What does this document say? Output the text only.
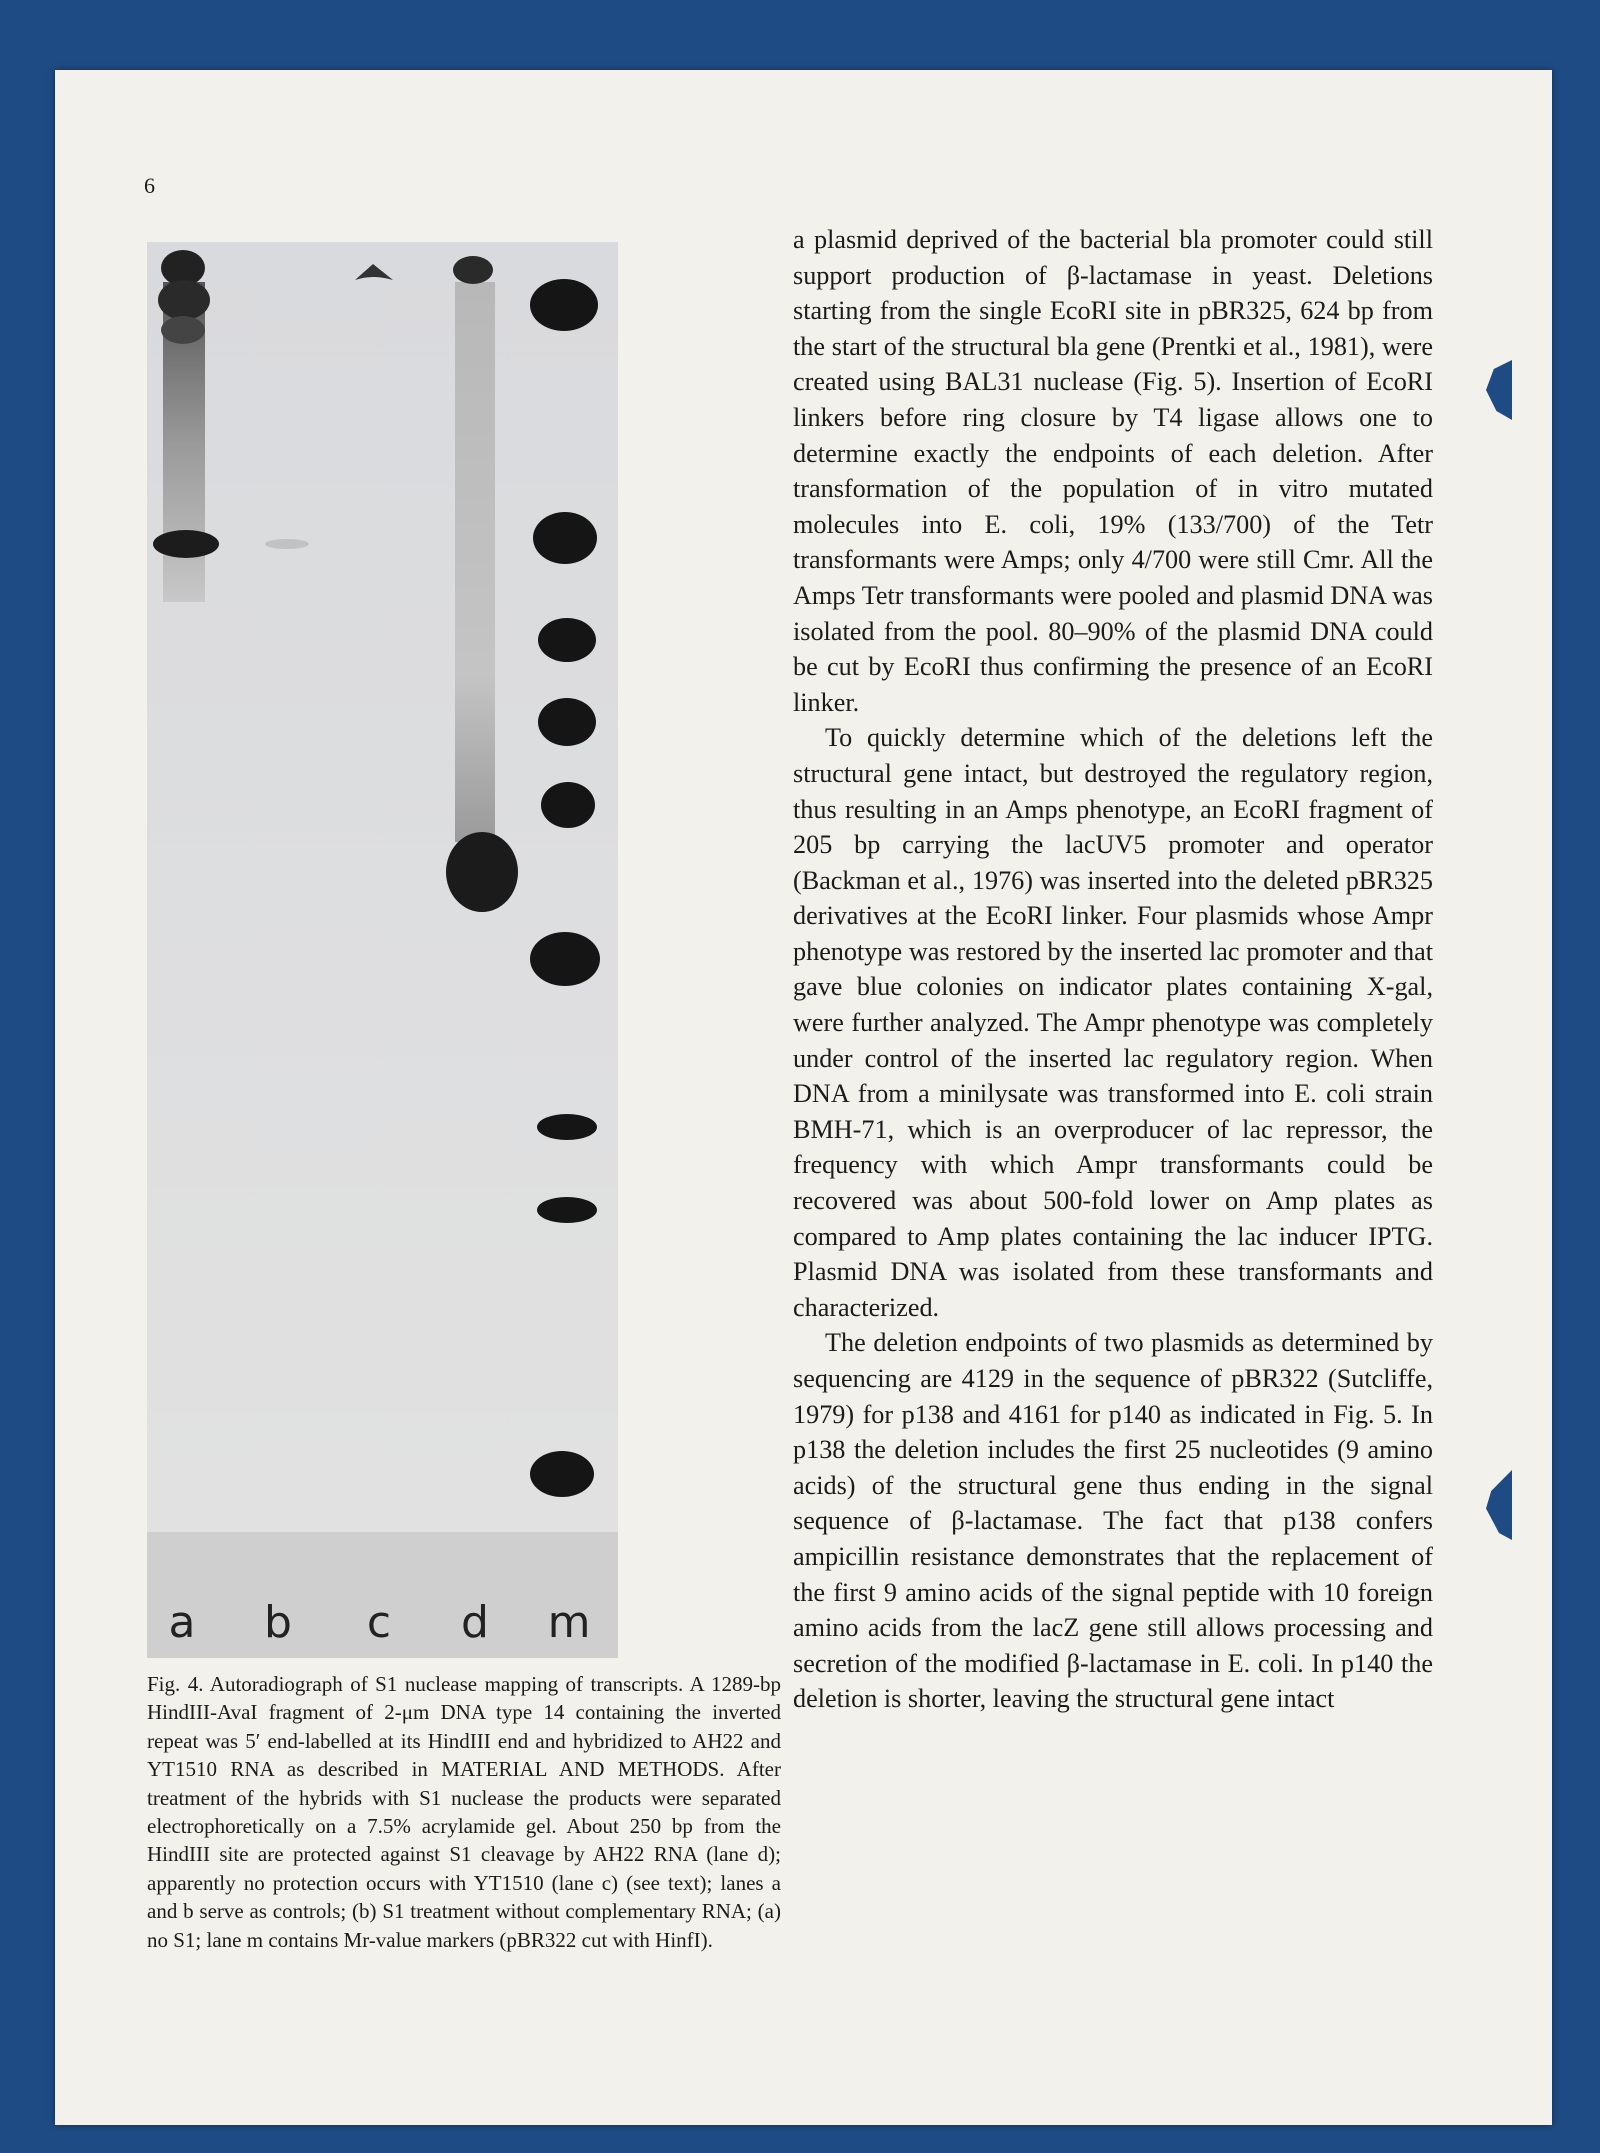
6
a b c d m

Fig. 4. Autoradiograph of S1 nuclease mapping of transcripts. A 1289-bp HindIII-AvaI fragment of 2-μm DNA type 14 containing the inverted repeat was 5′ end-labelled at its HindIII end and hybridized to AH22 and YT1510 RNA as described in MATERIAL AND METHODS. After treatment of the hybrids with S1 nuclease the products were separated electrophoretically on a 7.5% acrylamide gel. About 250 bp from the HindIII site are protected against S1 cleavage by AH22 RNA (lane d); apparently no protection occurs with YT1510 (lane c) (see text); lanes a and b serve as controls; (b) S1 treatment without complementary RNA; (a) no S1; lane m contains Mr-value markers (pBR322 cut with HinfI).

a plasmid deprived of the bacterial bla promoter could still support production of β-lactamase in yeast. Deletions starting from the single EcoRI site in pBR325, 624 bp from the start of the structural bla gene (Prentki et al., 1981), were created using BAL31 nuclease (Fig. 5). Insertion of EcoRI linkers before ring closure by T4 ligase allows one to determine exactly the endpoints of each deletion. After transformation of the population of in vitro mutated molecules into E. coli, 19% (133/700) of the Tetr transformants were Amps; only 4/700 were still Cmr. All the Amps Tetr transformants were pooled and plasmid DNA was isolated from the pool. 80–90% of the plasmid DNA could be cut by EcoRI thus confirming the presence of an EcoRI linker.

To quickly determine which of the deletions left the structural gene intact, but destroyed the regulatory region, thus resulting in an Amps phenotype, an EcoRI fragment of 205 bp carrying the lacUV5 promoter and operator (Backman et al., 1976) was inserted into the deleted pBR325 derivatives at the EcoRI linker. Four plasmids whose Ampr phenotype was restored by the inserted lac promoter and that gave blue colonies on indicator plates containing X-gal, were further analyzed. The Ampr phenotype was completely under control of the inserted lac regulatory region. When DNA from a minilysate was transformed into E. coli strain BMH-71, which is an overproducer of lac repressor, the frequency with which Ampr transformants could be recovered was about 500-fold lower on Amp plates as compared to Amp plates containing the lac inducer IPTG. Plasmid DNA was isolated from these transformants and characterized.

The deletion endpoints of two plasmids as determined by sequencing are 4129 in the sequence of pBR322 (Sutcliffe, 1979) for p138 and 4161 for p140 as indicated in Fig. 5. In p138 the deletion includes the first 25 nucleotides (9 amino acids) of the structural gene thus ending in the signal sequence of β-lactamase. The fact that p138 confers ampicillin resistance demonstrates that the replacement of the first 9 amino acids of the signal peptide with 10 foreign amino acids from the lacZ gene still allows processing and secretion of the modified β-lactamase in E. coli. In p140 the deletion is shorter, leaving the structural gene intact
